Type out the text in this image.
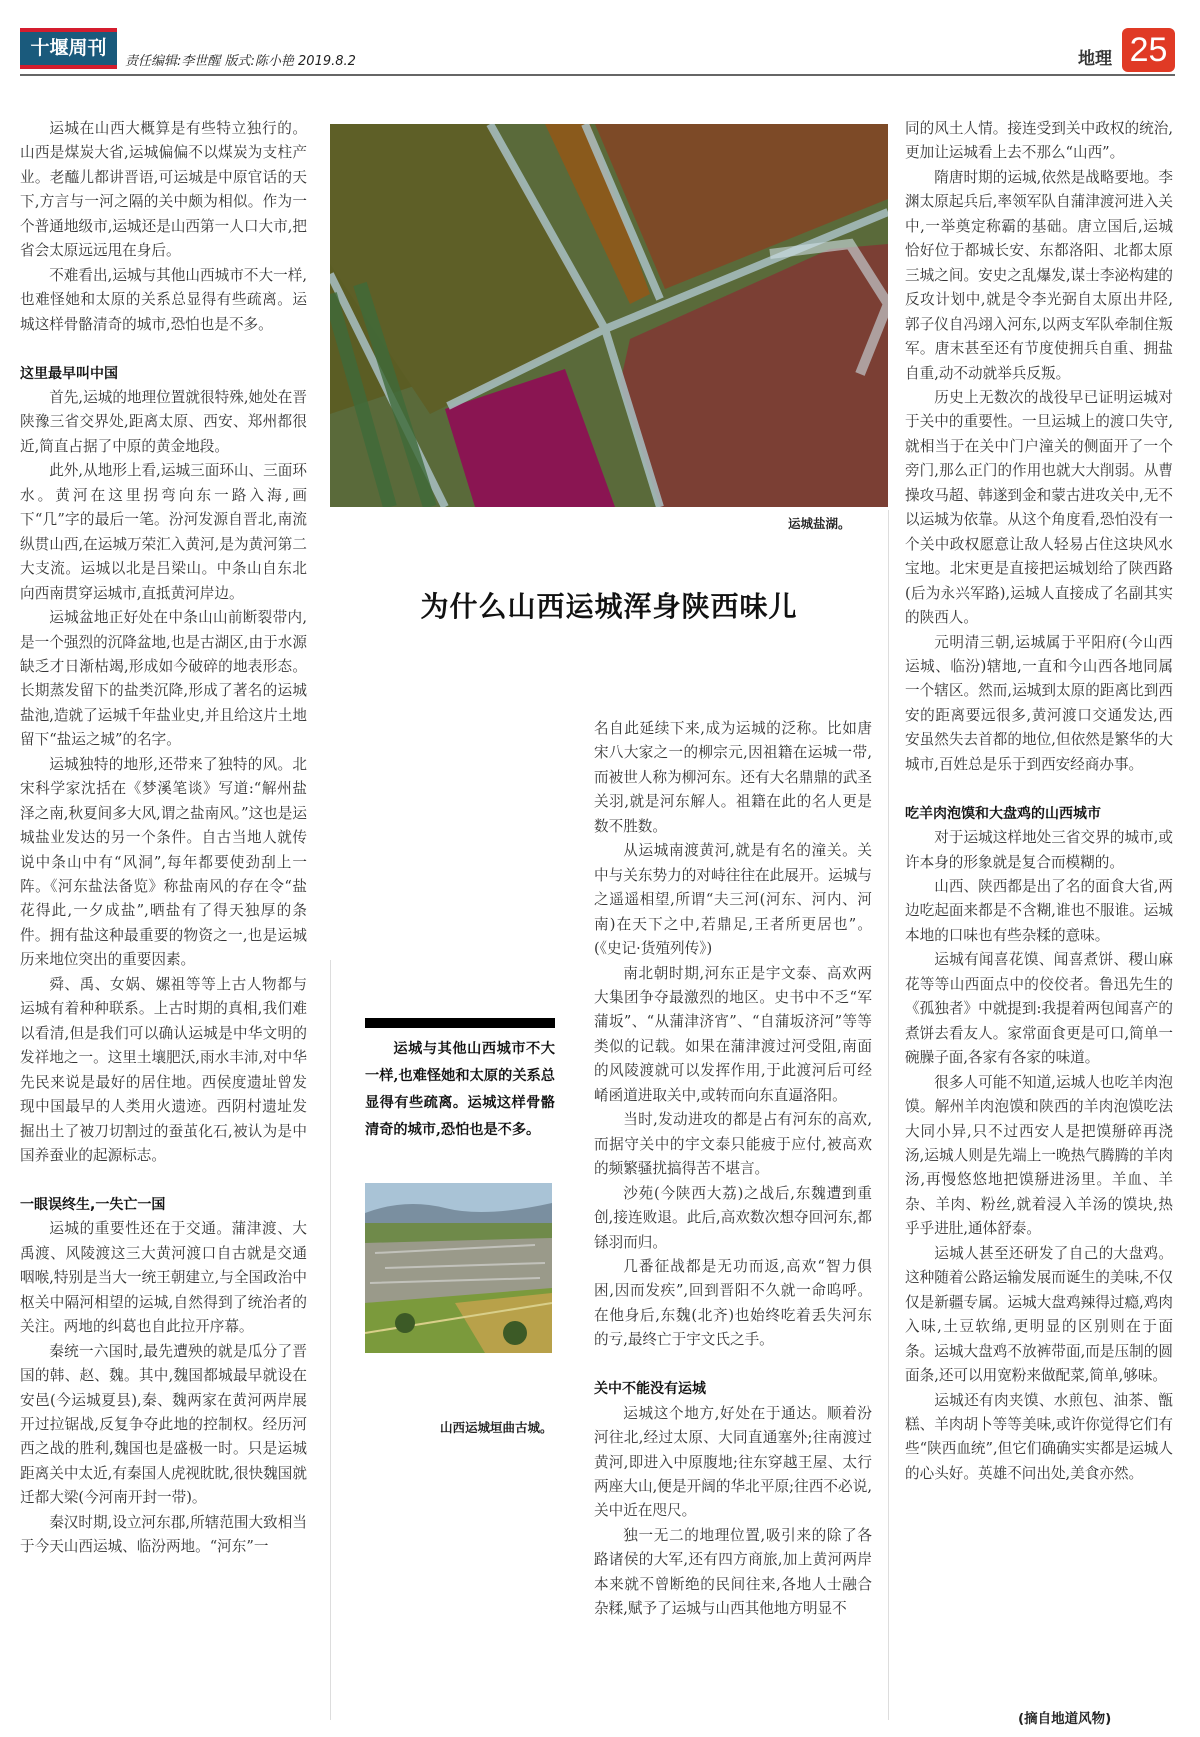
十堰周刊
责任编辑:李世醒 版式:陈小艳 2019.8.2	地理 25

运城在山西大概算是有些特立独行的。山西是煤炭大省,运城偏偏不以煤炭为支柱产业。老醯儿都讲晋语,可运城是中原官话的天下,方言与一河之隔的关中颇为相似。作为一个普通地级市,运城还是山西第一人口大市,把省会太原远远甩在身后。

不难看出,运城与其他山西城市不大一样,也难怪她和太原的关系总显得有些疏离。运城这样骨骼清奇的城市,恐怕也是不多。

这里最早叫中国

首先,运城的地理位置就很特殊,她处在晋陕豫三省交界处,距离太原、西安、郑州都很近,简直占据了中原的黄金地段。

此外,从地形上看,运城三面环山、三面环水。黄河在这里拐弯向东一路入海,画下“几”字的最后一笔。汾河发源自晋北,南流纵贯山西,在运城万荣汇入黄河,是为黄河第二大支流。运城以北是吕梁山。中条山自东北向西南贯穿运城市,直抵黄河岸边。

运城盆地正好处在中条山山前断裂带内,是一个强烈的沉降盆地,也是古湖区,由于水源缺乏才日渐枯竭,形成如今破碎的地表形态。长期蒸发留下的盐类沉降,形成了著名的运城盐池,造就了运城千年盐业史,并且给这片土地留下“盐运之城”的名字。

运城独特的地形,还带来了独特的风。北宋科学家沈括在《梦溪笔谈》写道:“解州盐泽之南,秋夏间多大风,谓之盐南风。”这也是运城盐业发达的另一个条件。自古当地人就传说中条山中有“风洞”,每年都要使劲刮上一阵。《河东盐法备览》称盐南风的存在令“盐花得此,一夕成盐”,晒盐有了得天独厚的条件。拥有盐这种最重要的物资之一,也是运城历来地位突出的重要因素。

舜、禹、女娲、嫘祖等等上古人物都与运城有着种种联系。上古时期的真相,我们难以看清,但是我们可以确认运城是中华文明的发祥地之一。这里土壤肥沃,雨水丰沛,对中华先民来说是最好的居住地。西侯度遗址曾发现中国最早的人类用火遗迹。西阴村遗址发掘出土了被刀切割过的蚕茧化石,被认为是中国养蚕业的起源标志。

一眼误终生,一失亡一国

运城的重要性还在于交通。蒲津渡、大禹渡、风陵渡这三大黄河渡口自古就是交通咽喉,特别是当大一统王朝建立,与全国政治中枢关中隔河相望的运城,自然得到了统治者的关注。两地的纠葛也自此拉开序幕。

秦统一六国时,最先遭殃的就是瓜分了晋国的韩、赵、魏。其中,魏国都城最早就设在安邑(今运城夏县),秦、魏两家在黄河两岸展开过拉锯战,反复争夺此地的控制权。经历河西之战的胜利,魏国也是盛极一时。只是运城距离关中太近,有秦国人虎视眈眈,很快魏国就迁都大梁(今河南开封一带)。

秦汉时期,设立河东郡,所辖范围大致相当于今天山西运城、临汾两地。“河东”一

运城盐湖。
为什么山西运城浑身陕西味儿

运城与其他山西城市不大一样,也难怪她和太原的关系总显得有些疏离。运城这样骨骼清奇的城市,恐怕也是不多。

山西运城垣曲古城。

名自此延续下来,成为运城的泛称。比如唐宋八大家之一的柳宗元,因祖籍在运城一带,而被世人称为柳河东。还有大名鼎鼎的武圣关羽,就是河东解人。祖籍在此的名人更是数不胜数。

从运城南渡黄河,就是有名的潼关。关中与关东势力的对峙往往在此展开。运城与之遥遥相望,所谓“夫三河(河东、河内、河南)在天下之中,若鼎足,王者所更居也”。(《史记·货殖列传》)

南北朝时期,河东正是宇文泰、高欢两大集团争夺最激烈的地区。史书中不乏“军蒲坂”、“从蒲津济宵”、“自蒲坂济河”等等类似的记载。如果在蒲津渡过河受阻,南面的风陵渡就可以发挥作用,于此渡河后可经崤函道进取关中,或转而向东直逼洛阳。

当时,发动进攻的都是占有河东的高欢,而据守关中的宇文泰只能疲于应付,被高欢的频繁骚扰搞得苦不堪言。

沙苑(今陕西大荔)之战后,东魏遭到重创,接连败退。此后,高欢数次想夺回河东,都铩羽而归。

几番征战都是无功而返,高欢“智力俱困,因而发疾”,回到晋阳不久就一命呜呼。在他身后,东魏(北齐)也始终吃着丢失河东的亏,最终亡于宇文氏之手。

关中不能没有运城

运城这个地方,好处在于通达。顺着汾河往北,经过太原、大同直通塞外;往南渡过黄河,即进入中原腹地;往东穿越王屋、太行两座大山,便是开阔的华北平原;往西不必说,关中近在咫尺。

独一无二的地理位置,吸引来的除了各路诸侯的大军,还有四方商旅,加上黄河两岸本来就不曾断绝的民间往来,各地人士融合杂糅,赋予了运城与山西其他地方明显不

同的风土人情。接连受到关中政权的统治,更加让运城看上去不那么“山西”。

隋唐时期的运城,依然是战略要地。李渊太原起兵后,率领军队自蒲津渡河进入关中,一举奠定称霸的基础。唐立国后,运城恰好位于都城长安、东都洛阳、北都太原三城之间。安史之乱爆发,谋士李泌构建的反攻计划中,就是令李光弼自太原出井陉,郭子仪自冯翊入河东,以两支军队牵制住叛军。唐末甚至还有节度使拥兵自重、拥盐自重,动不动就举兵反叛。

历史上无数次的战役早已证明运城对于关中的重要性。一旦运城上的渡口失守,就相当于在关中门户潼关的侧面开了一个旁门,那么正门的作用也就大大削弱。从曹操攻马超、韩遂到金和蒙古进攻关中,无不以运城为依靠。从这个角度看,恐怕没有一个关中政权愿意让敌人轻易占住这块风水宝地。北宋更是直接把运城划给了陕西路(后为永兴军路),运城人直接成了名副其实的陕西人。

元明清三朝,运城属于平阳府(今山西运城、临汾)辖地,一直和今山西各地同属一个辖区。然而,运城到太原的距离比到西安的距离要远很多,黄河渡口交通发达,西安虽然失去首都的地位,但依然是繁华的大城市,百姓总是乐于到西安经商办事。

吃羊肉泡馍和大盘鸡的山西城市

对于运城这样地处三省交界的城市,或许本身的形象就是复合而模糊的。

山西、陕西都是出了名的面食大省,两边吃起面来都是不含糊,谁也不服谁。运城本地的口味也有些杂糅的意味。

运城有闻喜花馍、闻喜煮饼、稷山麻花等等山西面点中的佼佼者。鲁迅先生的《孤独者》中就提到:我提着两包闻喜产的煮饼去看友人。家常面食更是可口,简单一碗臊子面,各家有各家的味道。

很多人可能不知道,运城人也吃羊肉泡馍。解州羊肉泡馍和陕西的羊肉泡馍吃法大同小异,只不过西安人是把馍掰碎再浇汤,运城人则是先端上一晚热气腾腾的羊肉汤,再慢悠悠地把馍掰进汤里。羊血、羊杂、羊肉、粉丝,就着浸入羊汤的馍块,热乎乎进肚,通体舒泰。

运城人甚至还研发了自己的大盘鸡。这种随着公路运输发展而诞生的美味,不仅仅是新疆专属。运城大盘鸡辣得过瘾,鸡肉入味,土豆软绵,更明显的区别则在于面条。运城大盘鸡不放裤带面,而是压制的圆面条,还可以用宽粉来做配菜,简单,够味。

运城还有肉夹馍、水煎包、油茶、甑糕、羊肉胡卜等等美味,或许你觉得它们有些“陕西血统”,但它们确确实实都是运城人的心头好。英雄不问出处,美食亦然。

(摘自地道风物)
